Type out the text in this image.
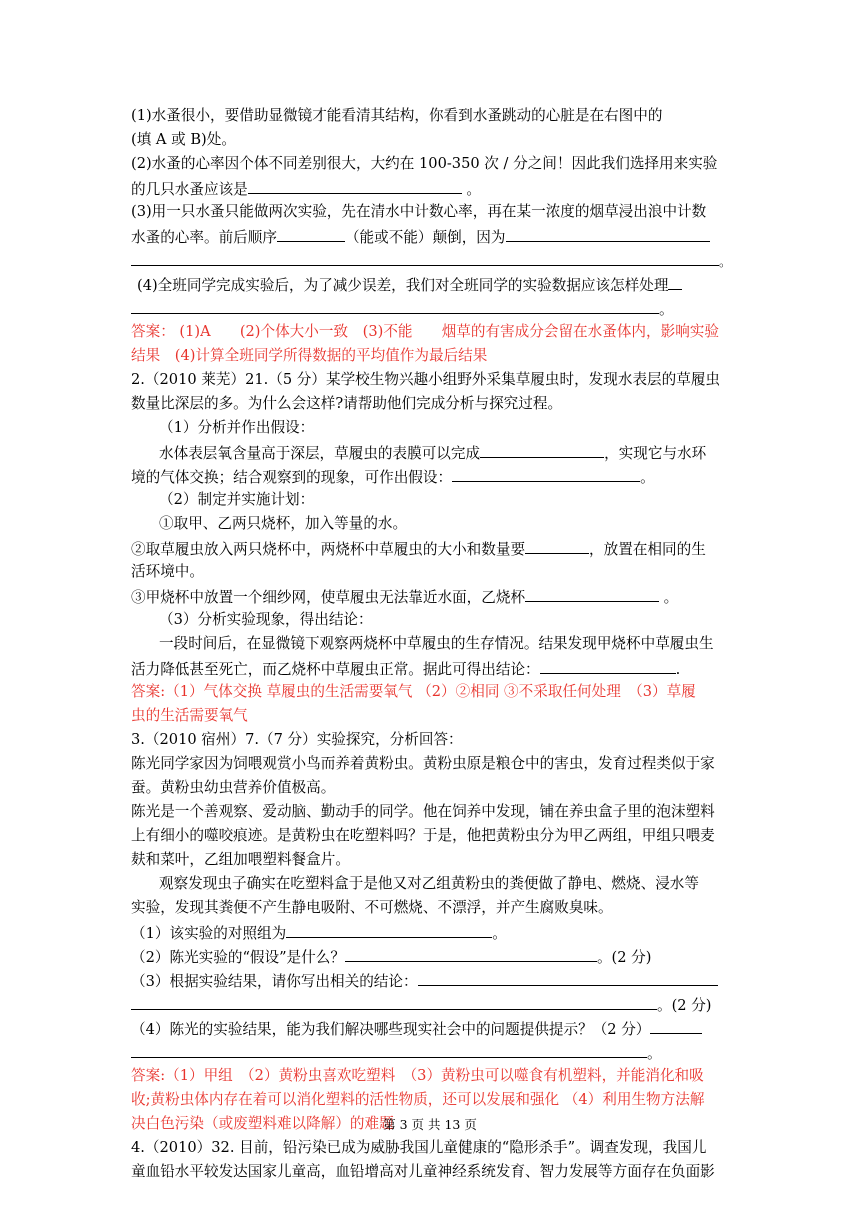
(1)水蚤很小，要借助显微镜才能看清其结构，你看到水蚤跳动的心脏是在右图中的
(填 A 或 B)处。
(2)水蚤的心率因个体不同差别很大，大约在 100-350 次 / 分之间！因此我们选择用来实验
的几只水蚤应该是	。
(3)用一只水蚤只能做两次实验，先在清水中计数心率，再在某一浓度的烟草浸出浪中计数
水蚤的心率。前后顺序	（能或不能）颠倒，因为
。
(4)全班同学完成实验后，为了减少误差，我们对全班同学的实验数据应该怎样处理
。
答案： (1)A　　(2)个体大小一致　(3)不能　　烟草的有害成分会留在水蚤体内，影响实验
结果　(4)计算全班同学所得数据的平均值作为最后结果
2.（2010 莱芜）21.（5 分）某学校生物兴趣小组野外采集草履虫时，发现水表层的草履虫
数量比深层的多。为什么会这样?请帮助他们完成分析与探究过程。
（1）分析并作出假设：
水体表层氧含量高于深层，草履虫的表膜可以完成	，实现它与水环
境的气体交换；结合观察到的现象，可作出假设：	。
（2）制定并实施计划：
①取甲、乙两只烧杯，加入等量的水。
②取草履虫放入两只烧杯中，两烧杯中草履虫的大小和数量要	，放置在相同的生
活环境中。
③甲烧杯中放置一个细纱网，使草履虫无法靠近水面，乙烧杯	。
（3）分析实验现象，得出结论：
一段时间后，在显微镜下观察两烧杯中草履虫的生存情况。结果发现甲烧杯中草履虫生
活力降低甚至死亡，而乙烧杯中草履虫正常。据此可得出结论：	.
答案:（1）气体交换 草履虫的生活需要氧气 （2）②相同 ③不采取任何处理　（3）草履
虫的生活需要氧气
3.（2010 宿州）7.（7 分）实验探究，分析回答：
陈光同学家因为饲喂观赏小鸟而养着黄粉虫。黄粉虫原是粮仓中的害虫，发育过程类似于家
蚕。黄粉虫幼虫营养价值极高。
陈光是一个善观察、爱动脑、勤动手的同学。他在饲养中发现，铺在养虫盒子里的泡沫塑料
上有细小的噬咬痕迹。是黄粉虫在吃塑料吗？于是，他把黄粉虫分为甲乙两组，甲组只喂麦
麸和菜叶，乙组加喂塑料餐盒片。
观察发现虫子确实在吃塑料盒于是他又对乙组黄粉虫的粪便做了静电、燃烧、浸水等
实验，发现其粪便不产生静电吸附、不可燃烧、不漂浮，并产生腐败臭味。
（1）该实验的对照组为	。
（2）陈光实验的“假设”是什么？	。(2 分)
（3）根据实验结果，请你写出相关的结论：
。(2 分)
（4）陈光的实验结果，能为我们解决哪些现实社会中的问题提供提示？（2 分）
。
答案:（1）甲组　（2）黄粉虫喜欢吃塑料　（3）黄粉虫可以噬食有机塑料，并能消化和吸
收;黄粉虫体内存在着可以消化塑料的活性物质，还可以发展和强化 （4）利用生物方法解
决白色污染（或废塑料难以降解）的难题
4.（2010）32. 目前，铅污染已成为威胁我国儿童健康的“隐形杀手”。调查发现，我国儿
童血铅水平较发达国家儿童高，血铅增高对儿童神经系统发育、智力发展等方面存在负面影
第 3 页 共 13 页
